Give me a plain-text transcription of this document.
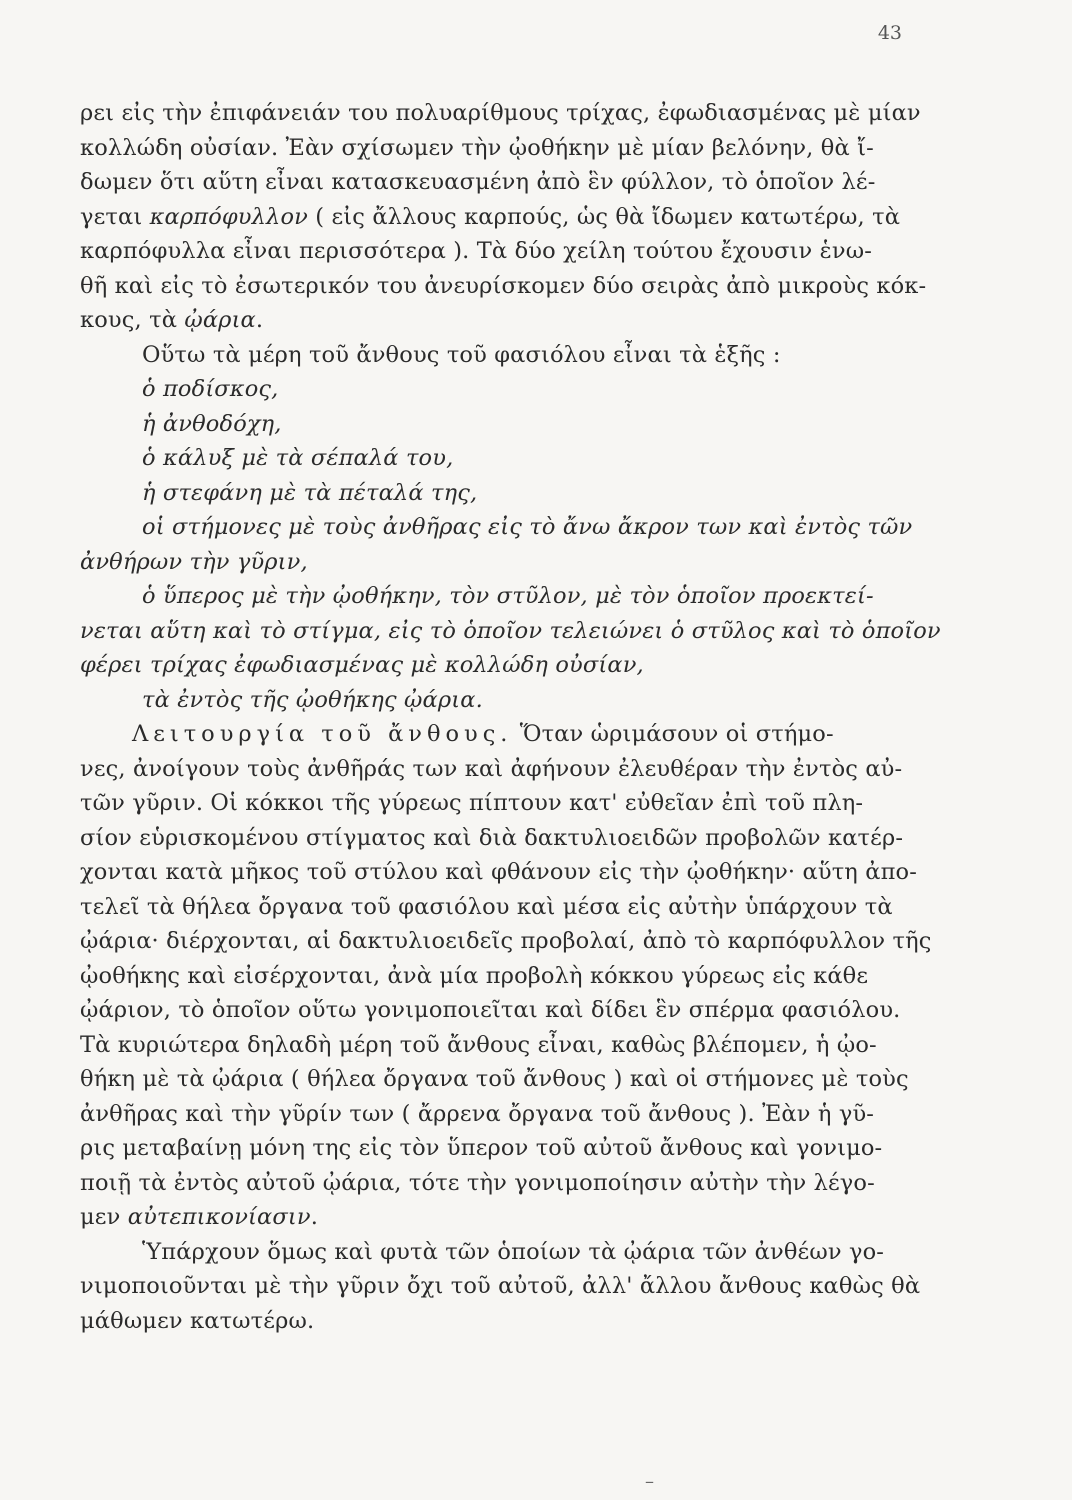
43
ρει εἰς τὴν ἐπιφάνειάν του πολυαρίθμους τρίχας, ἐφωδιασμένας μὲ μίαν
κολλώδη οὐσίαν. Ἐὰν σχίσωμεν τὴν ᾠοθήκην μὲ μίαν βελόνην, θὰ ἴ-
δωμεν ὅτι αὕτη εἶναι κατασκευασμένη ἀπὸ ἓν φύλλον, τὸ ὁποῖον λέ-
γεται καρπόφυλλον ( εἰς ἄλλους καρπούς, ὡς θὰ ἴδωμεν κατωτέρω, τὰ
καρπόφυλλα εἶναι περισσότερα ). Τὰ δύο χείλη τούτου ἔχουσιν ἑνω-
θῆ καὶ εἰς τὸ ἐσωτερικόν του ἀνευρίσκομεν δύο σειρὰς ἀπὸ μικροὺς κόκ-
κους, τὰ ᾠάρια.
Οὕτω τὰ μέρη τοῦ ἄνθους τοῦ φασιόλου εἶναι τὰ ἑξῆς :
ὁ ποδίσκος,
ἡ ἀνθοδόχη,
ὁ κάλυξ μὲ τὰ σέπαλά του,
ἡ στεφάνη μὲ τὰ πέταλά της,
οἱ στήμονες μὲ τοὺς ἀνθῆρας εἰς τὸ ἄνω ἄκρον των καὶ ἐντὸς τῶν
ἀνθήρων τὴν γῦριν,
ὁ ὕπερος μὲ τὴν ᾠοθήκην, τὸν στῦλον, μὲ τὸν ὁποῖον προεκτεί-
νεται αὕτη καὶ τὸ στίγμα, εἰς τὸ ὁποῖον τελειώνει ὁ στῦλος καὶ τὸ ὁποῖον
φέρει τρίχας ἐφωδιασμένας μὲ κολλώδη οὐσίαν,
τὰ ἐντὸς τῆς ᾠοθήκης ᾠάρια.
Λειτουργία τοῦ ἄνθους. Ὅταν ὡριμάσουν οἱ στήμο-
νες, ἀνοίγουν τοὺς ἀνθῆράς των καὶ ἀφήνουν ἐλευθέραν τὴν ἐντὸς αὐ-
τῶν γῦριν. Οἱ κόκκοι τῆς γύρεως πίπτουν κατ' εὐθεῖαν ἐπὶ τοῦ πλη-
σίον εὑρισκομένου στίγματος καὶ διὰ δακτυλιοειδῶν προβολῶν κατέρ-
χονται κατὰ μῆκος τοῦ στύλου καὶ φθάνουν εἰς τὴν ᾠοθήκην· αὕτη ἀπο-
τελεῖ τὰ θήλεα ὄργανα τοῦ φασιόλου καὶ μέσα εἰς αὐτὴν ὑπάρχουν τὰ
ᾠάρια· διέρχονται, αἱ δακτυλιοειδεῖς προβολαί, ἀπὸ τὸ καρπόφυλλον τῆς
ᾠοθήκης καὶ εἰσέρχονται, ἀνὰ μία προβολὴ κόκκου γύρεως εἰς κάθε
ᾠάριον, τὸ ὁποῖον οὕτω γονιμοποιεῖται καὶ δίδει ἓν σπέρμα φασιόλου.
Τὰ κυριώτερα δηλαδὴ μέρη τοῦ ἄνθους εἶναι, καθὼς βλέπομεν, ἡ ᾠο-
θήκη μὲ τὰ ᾠάρια ( θήλεα ὄργανα τοῦ ἄνθους ) καὶ οἱ στήμονες μὲ τοὺς
ἀνθῆρας καὶ τὴν γῦρίν των ( ἄρρενα ὄργανα τοῦ ἄνθους ). Ἐὰν ἡ γῦ-
ρις μεταβαίνῃ μόνη της εἰς τὸν ὕπερον τοῦ αὐτοῦ ἄνθους καὶ γονιμο-
ποιῇ τὰ ἐντὸς αὐτοῦ ᾠάρια, τότε τὴν γονιμοποίησιν αὐτὴν τὴν λέγο-
μεν αὐτεπικονίασιν.
Ὑπάρχουν ὅμως καὶ φυτὰ τῶν ὁποίων τὰ ᾠάρια τῶν ἀνθέων γο-
νιμοποιοῦνται μὲ τὴν γῦριν ὄχι τοῦ αὐτοῦ, ἀλλ' ἄλλου ἄνθους καθὼς θὰ
μάθωμεν κατωτέρω.
–
